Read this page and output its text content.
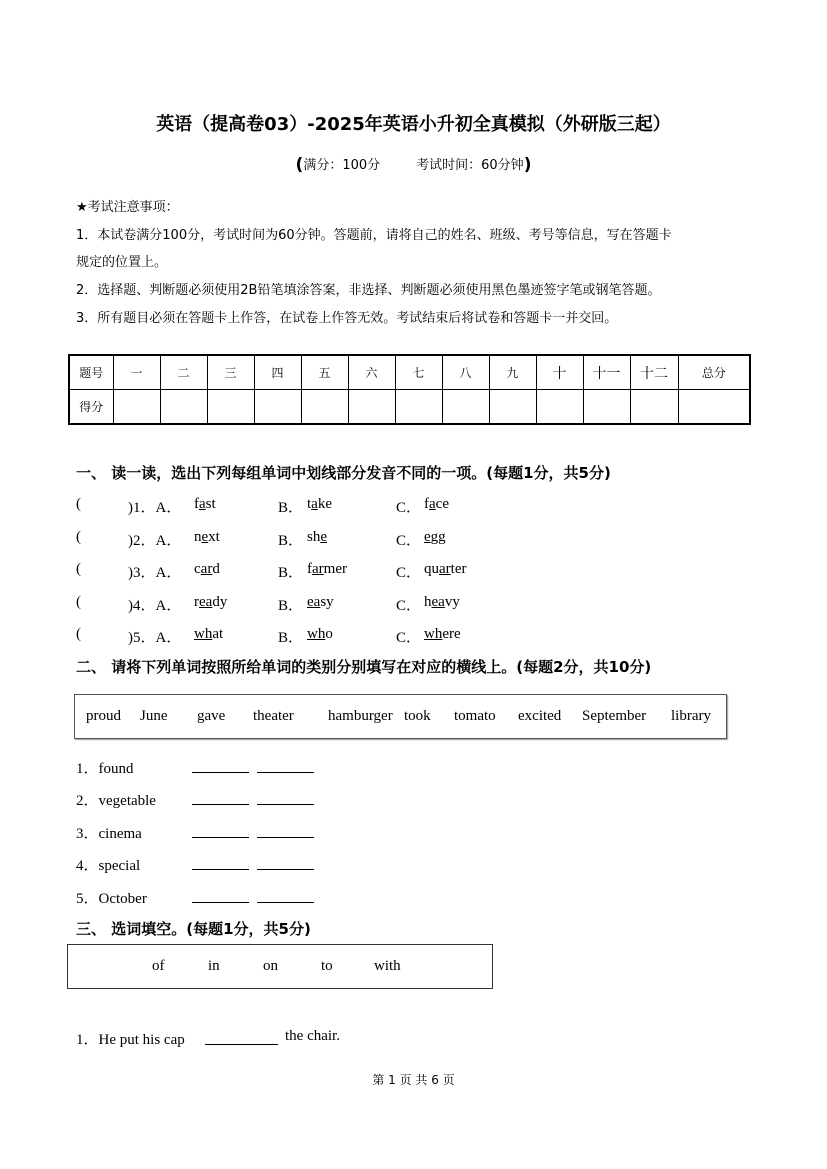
英语（提高卷03）-2025年英语小升初全真模拟（外研版三起）
(满分：100分	考试时间：60分钟)
★考试注意事项：
1．本试卷满分100分，考试时间为60分钟。答题前，请将自己的姓名、班级、考号等信息，写在答题卡
规定的位置上。
2．选择题、判断题必须使用2B铅笔填涂答案，非选择、判断题必须使用黑色墨迹签字笔或钢笔答题。
3．所有题目必须在答题卡上作答，在试卷上作答无效。考试结束后将试卷和答题卡一并交回。
题号	一	二	三	四	五	六	七	八	九	十	十一	十二	总分
得分													
一、 读一读，选出下列每组单词中划线部分发音不同的一项。(每题1分，共5分)
(	)1．A． fast	B． take	C． face
(	)2．A． next	B． she	C． egg
(	)3．A． card	B． farmer	C． quarter
(	)4．A． ready	B． easy	C． heavy
(	)5．A． what	B． who	C． where
二、 请将下列单词按照所给单词的类别分别填写在对应的横线上。(每题2分，共10分)
proud June gave theater hamburger took tomato excited September library
1．found
2．vegetable
3．cinema
4．special
5．October
三、 选词填空。(每题1分，共5分)
of	in	on	to	with
1．He put his cap	the chair.
第 1 页 共 6 页
